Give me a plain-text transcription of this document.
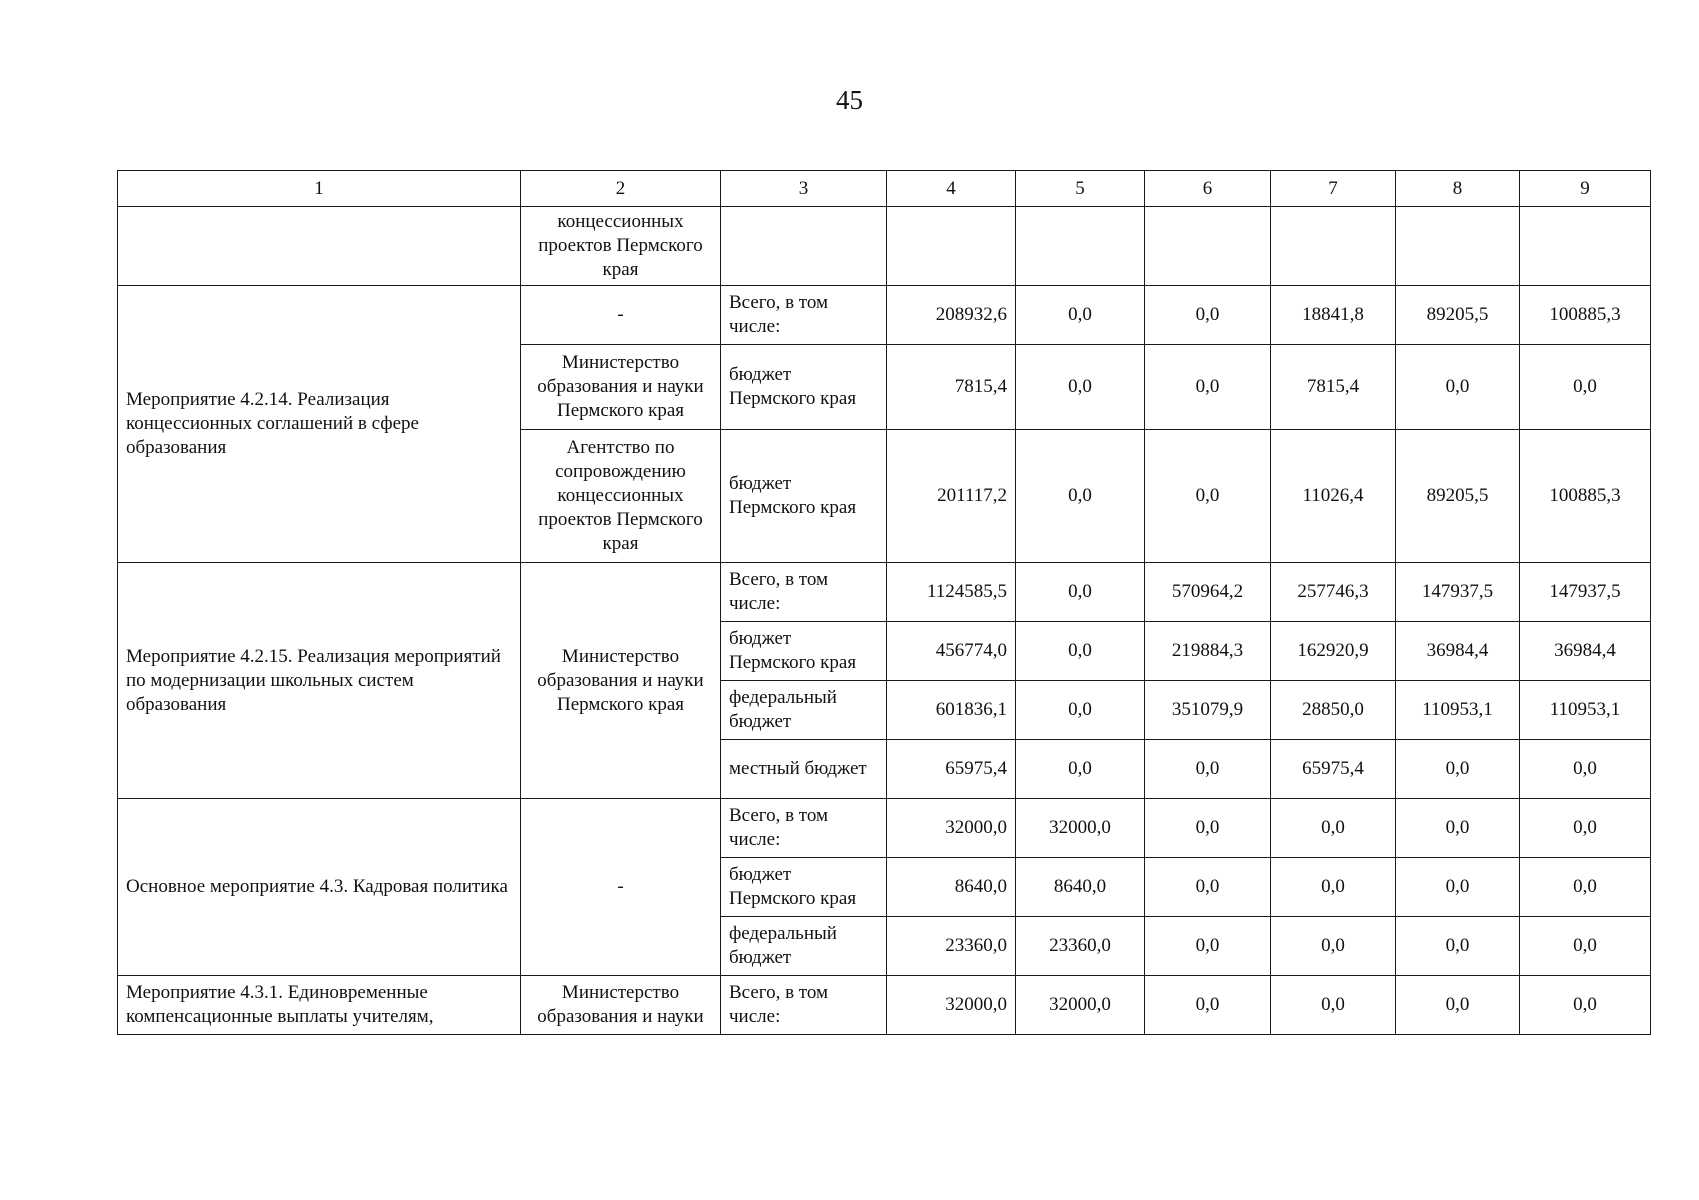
45
1	2	3	4	5	6	7	8	9
	концессионных проектов Пермского края							
Мероприятие 4.2.14. Реализация концессионных соглашений в сфере образования	-	Всего, в том числе:	208932,6	0,0	0,0	18841,8	89205,5	100885,3
	Министерство образования и науки Пермского края	бюджет Пермского края	7815,4	0,0	0,0	7815,4	0,0	0,0
	Агентство по сопровождению концессионных проектов Пермского края	бюджет Пермского края	201117,2	0,0	0,0	11026,4	89205,5	100885,3
Мероприятие 4.2.15. Реализация мероприятий по модернизации школьных систем образования	Министерство образования и науки Пермского края	Всего, в том числе:	1124585,5	0,0	570964,2	257746,3	147937,5	147937,5
		бюджет Пермского края	456774,0	0,0	219884,3	162920,9	36984,4	36984,4
		федеральный бюджет	601836,1	0,0	351079,9	28850,0	110953,1	110953,1
		местный бюджет	65975,4	0,0	0,0	65975,4	0,0	0,0
Основное мероприятие 4.3. Кадровая политика	-	Всего, в том числе:	32000,0	32000,0	0,0	0,0	0,0	0,0
		бюджет Пермского края	8640,0	8640,0	0,0	0,0	0,0	0,0
		федеральный бюджет	23360,0	23360,0	0,0	0,0	0,0	0,0
Мероприятие 4.3.1. Единовременные компенсационные выплаты учителям,	Министерство образования и науки	Всего, в том числе:	32000,0	32000,0	0,0	0,0	0,0	0,0
